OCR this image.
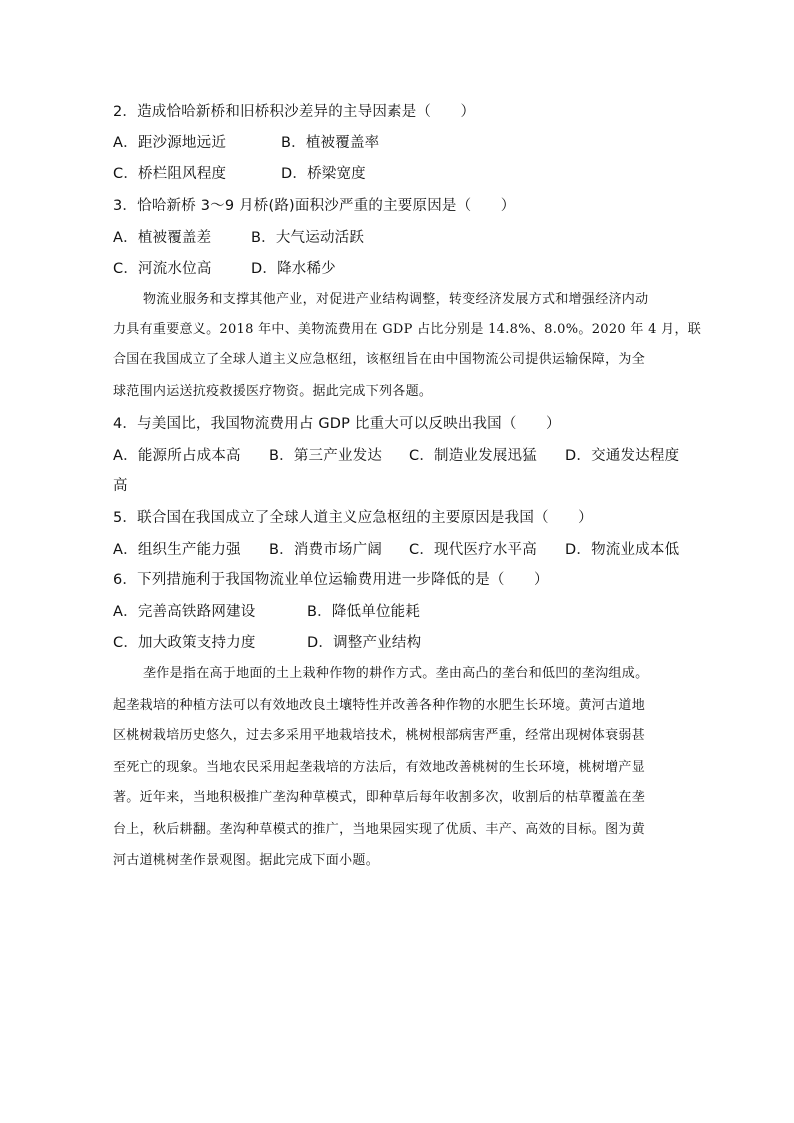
2．造成恰哈新桥和旧桥积沙差异的主导因素是（　　）
A．距沙源地远近	B．植被覆盖率
C．桥栏阻风程度	D．桥梁宽度
3．恰哈新桥 3～9 月桥(路)面积沙严重的主要原因是（　　）
A．植被覆盖差	B．大气运动活跃
C．河流水位高	D．降水稀少
物流业服务和支撑其他产业，对促进产业结构调整，转变经济发展方式和增强经济内动
力具有重要意义。2018 年中、美物流费用在 GDP 占比分别是 14.8%、8.0%。2020 年 4 月，联
合国在我国成立了全球人道主义应急枢纽，该枢纽旨在由中国物流公司提供运输保障，为全
球范围内运送抗疫救援医疗物资。据此完成下列各题。
4．与美国比，我国物流费用占 GDP 比重大可以反映出我国（　　）
A．能源所占成本高 B．第三产业发达 C．制造业发展迅猛 D．交通发达程度
高
5．联合国在我国成立了全球人道主义应急枢纽的主要原因是我国（　　）
A．组织生产能力强 B．消费市场广阔 C．现代医疗水平高 D．物流业成本低
6．下列措施利于我国物流业单位运输费用进一步降低的是（　　）
A．完善高铁路网建设	B．降低单位能耗
C．加大政策支持力度	D．调整产业结构
垄作是指在高于地面的土上栽种作物的耕作方式。垄由高凸的垄台和低凹的垄沟组成。
起垄栽培的种植方法可以有效地改良土壤特性并改善各种作物的水肥生长环境。黄河古道地
区桃树栽培历史悠久，过去多采用平地栽培技术，桃树根部病害严重，经常出现树体衰弱甚
至死亡的现象。当地农民采用起垄栽培的方法后，有效地改善桃树的生长环境，桃树增产显
著。近年来，当地积极推广垄沟种草模式，即种草后每年收割多次，收割后的枯草覆盖在垄
台上，秋后耕翻。垄沟种草模式的推广，当地果园实现了优质、丰产、高效的目标。图为黄
河古道桃树垄作景观图。据此完成下面小题。
